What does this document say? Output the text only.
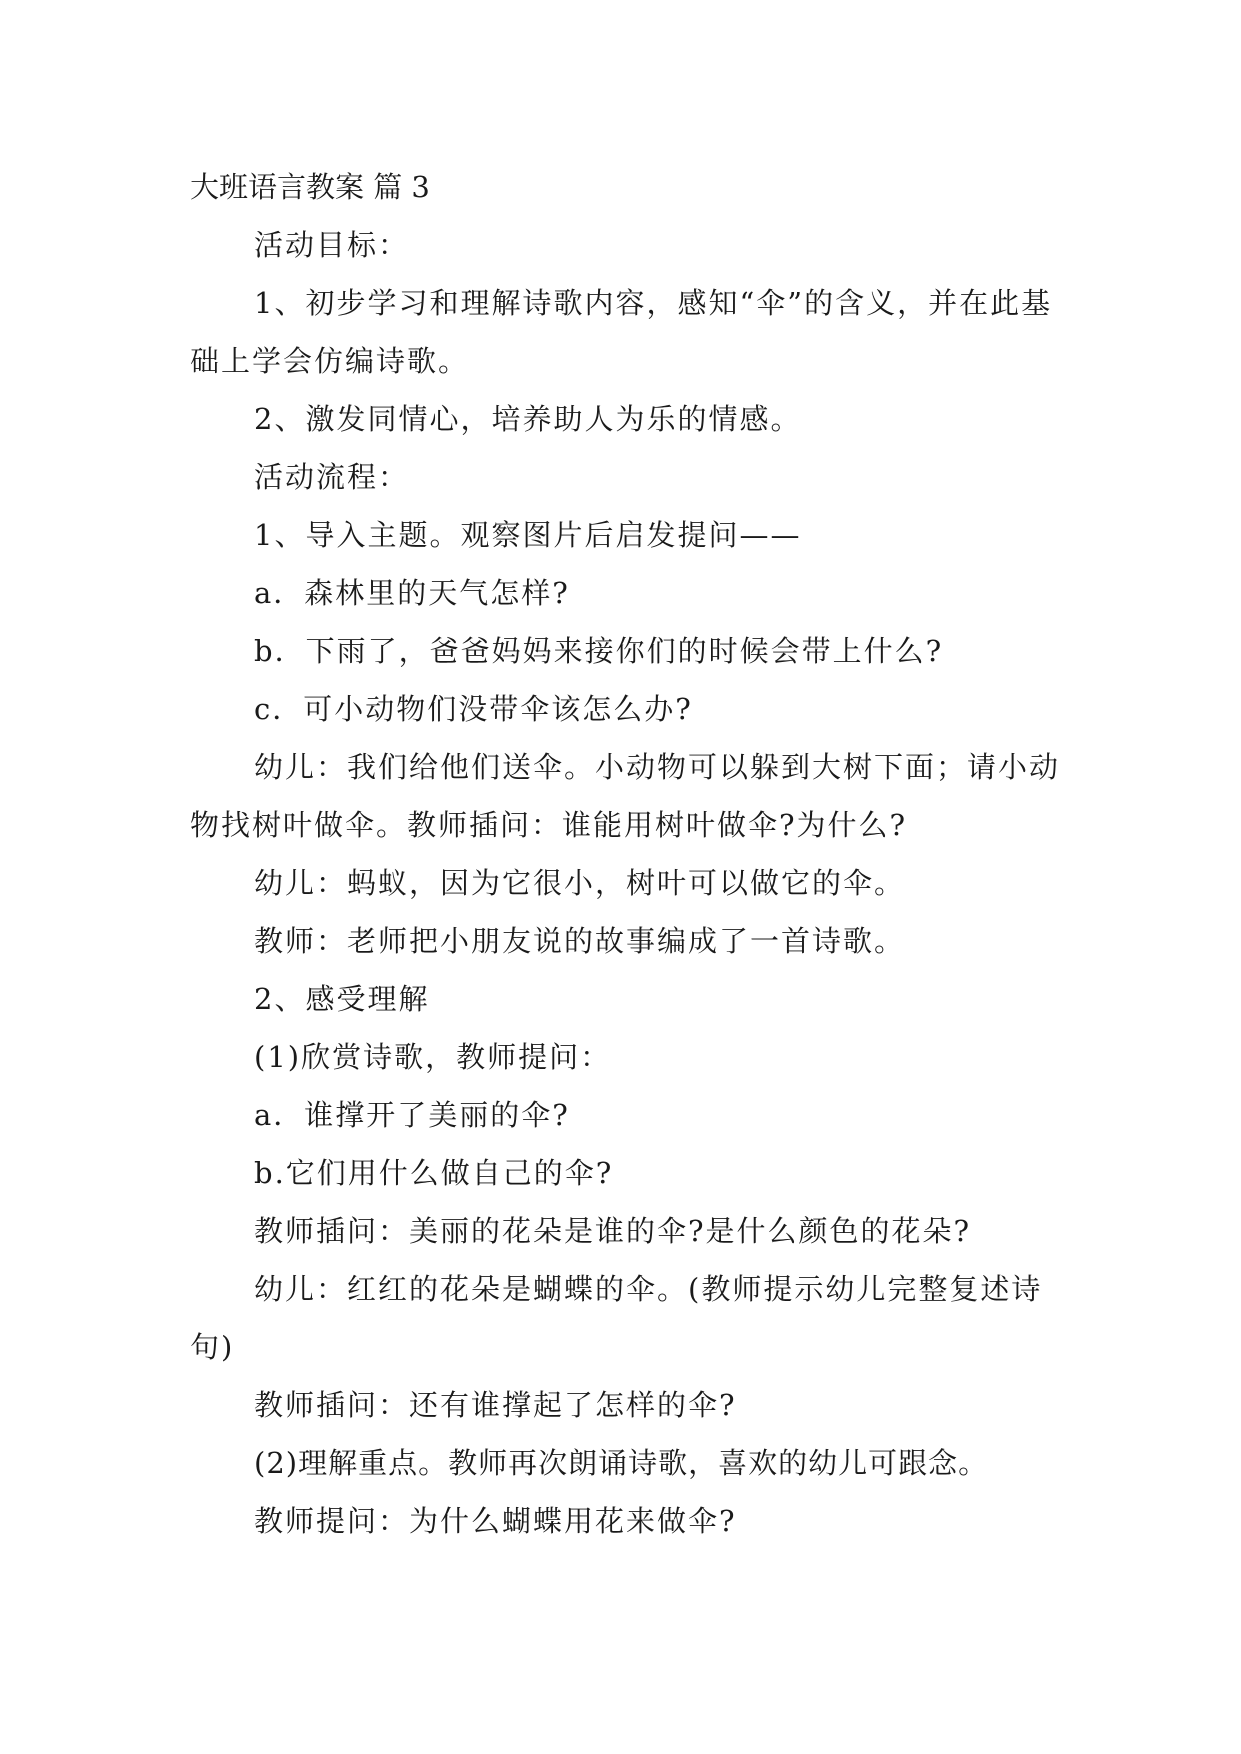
大班语言教案 篇 3

活动目标：

1、初步学习和理解诗歌内容，感知“伞”的含义，并在此基础上学会仿编诗歌。

2、激发同情心，培养助人为乐的情感。

活动流程：

1、导入主题。观察图片后启发提问——

a．森林里的天气怎样?

b．下雨了，爸爸妈妈来接你们的时候会带上什么?

c．可小动物们没带伞该怎么办?

幼儿：我们给他们送伞。小动物可以躲到大树下面；请小动物找树叶做伞。教师插问：谁能用树叶做伞?为什么?

幼儿：蚂蚁，因为它很小，树叶可以做它的伞。

教师：老师把小朋友说的故事编成了一首诗歌。

2、感受理解

(1)欣赏诗歌，教师提问：

a．谁撑开了美丽的伞?

b.它们用什么做自己的伞?

教师插问：美丽的花朵是谁的伞?是什么颜色的花朵?

幼儿：红红的花朵是蝴蝶的伞。(教师提示幼儿完整复述诗句)

教师插问：还有谁撑起了怎样的伞?

(2)理解重点。教师再次朗诵诗歌，喜欢的幼儿可跟念。

教师提问：为什么蝴蝶用花来做伞?
